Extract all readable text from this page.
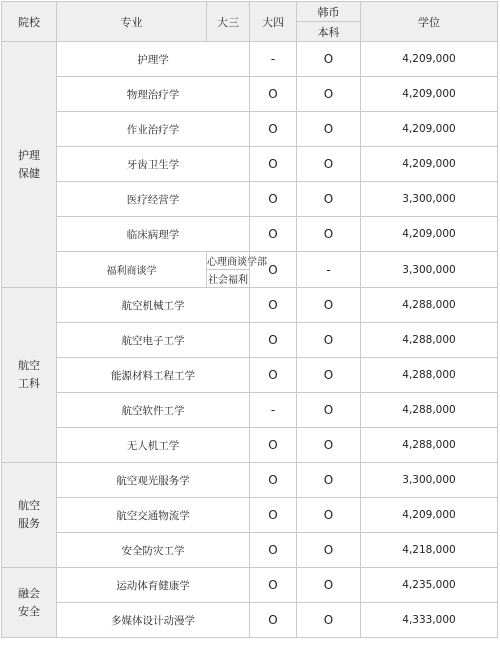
院校	专业	大三	大四	韩币	学位	
				本科		
护理
保健	护理学		-	O	4,209,000	
	物理治疗学		O	O	4,209,000	
	作业治疗学		O	O	4,209,000	
	牙齿卫生学		O	O	4,209,000	
	医疗经营学		O	O	3,300,000	
	临床病理学		O	O	4,209,000	
	福利商谈学	心理商谈学部	O	-	3,300,000	
		社会福利	
航空
工科	航空机械工学		O	O	4,288,000	
	航空电子工学		O	O	4,288,000	
	能源材料工程工学		O	O	4,288,000	
	航空软件工学		-	O	4,288,000	
	无人机工学		O	O	4,288,000	
航空
服务	航空观光服务学		O	O	3,300,000	
	航空交通物流学		O	O	4,209,000	
	安全防灾工学		O	O	4,218,000	
融会
安全	运动体育健康学		O	O	4,235,000	
	多媒体设计动漫学		O	O	4,333,000	
